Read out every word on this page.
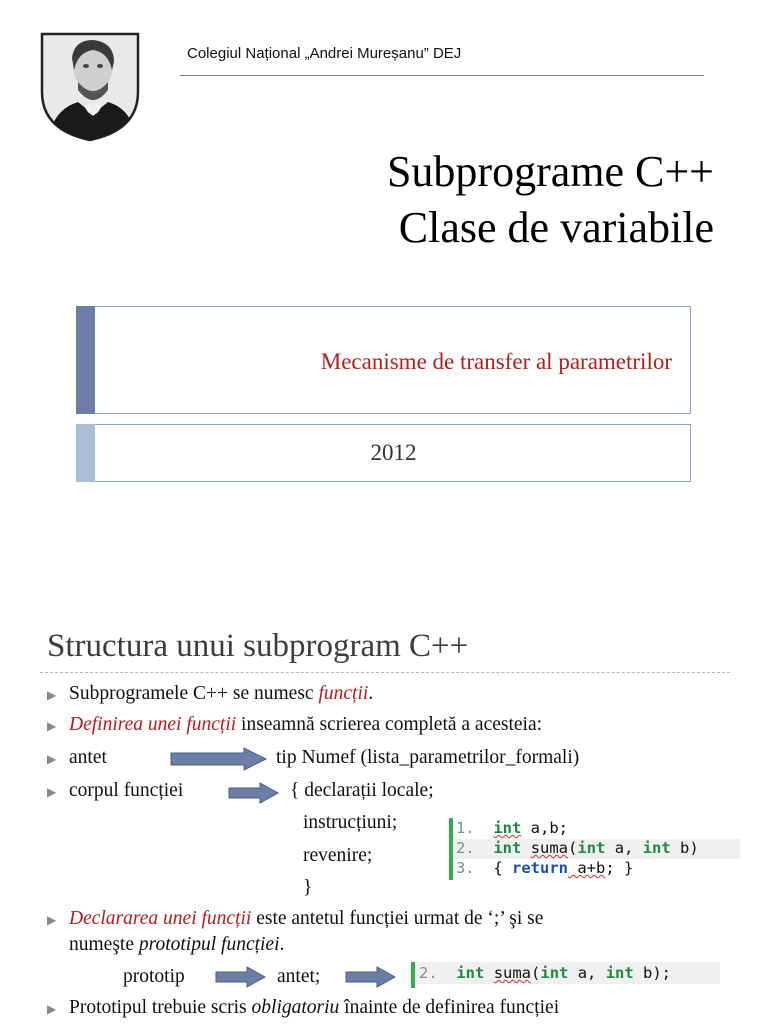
Colegiul Național „Andrei Mureșanu” DEJ
Subprograme C++
Clase de variabile
Mecanisme de transfer al parametrilor
2012
Structura unui subprogram C++
▶ Subprogramele C++ se numesc funcții.
▶ Definirea unei funcții inseamnă scrierea completă a acesteia:
▶ antet	tip Numef (lista_parametrilor_formali)
▶ corpul funcției	{ declarații locale;
instrucțiuni;
revenire;
}
1. int a,b;
2. int suma(int a, int b)
3. { return a+b; }
▶ Declararea unei funcții este antetul funcției urmat de ‘;’ şi se
numeşte prototipul funcției.
prototip	antet;	2. int suma(int a, int b);
▶ Prototipul trebuie scris obligatoriu înainte de definirea funcției
